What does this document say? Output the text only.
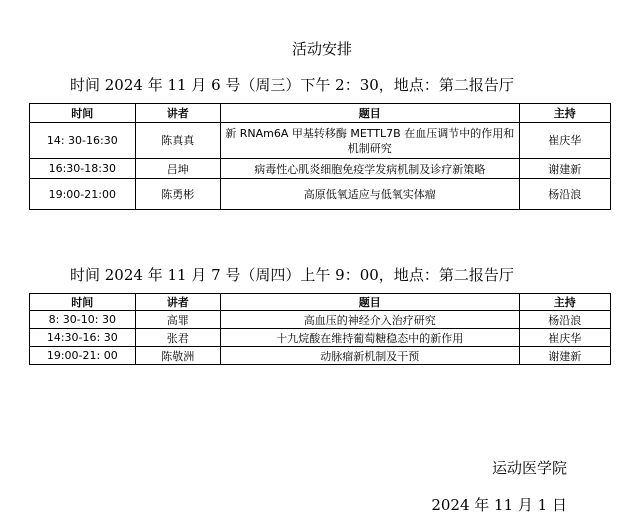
活动安排
时间 2024 年 11 月 6 号（周三）下午 2：30，地点：第二报告厅
时间	讲者	题目	主持
14: 30-16:30	陈真真	新 RNAm6A 甲基转移酶 METTL7B 在血压调节中的作用和机制研究	崔庆华
16:30-18:30	吕坤	病毒性心肌炎细胞免疫学发病机制及诊疗新策略	谢建新
19:00-21:00	陈勇彬	高原低氧适应与低氧实体瘤	杨沿浪
时间 2024 年 11 月 7 号（周四）上午 9：00，地点：第二报告厅
时间	讲者	题目	主持
8: 30-10: 30	高罪	高血压的神经介入治疗研究	杨沿浪
14:30-16: 30	张君	十九烷酸在维持葡萄糖稳态中的新作用	崔庆华
19:00-21: 00	陈敬洲	动脉瘤新机制及干预	谢建新
运动医学院
2024 年 11 月 1 日
